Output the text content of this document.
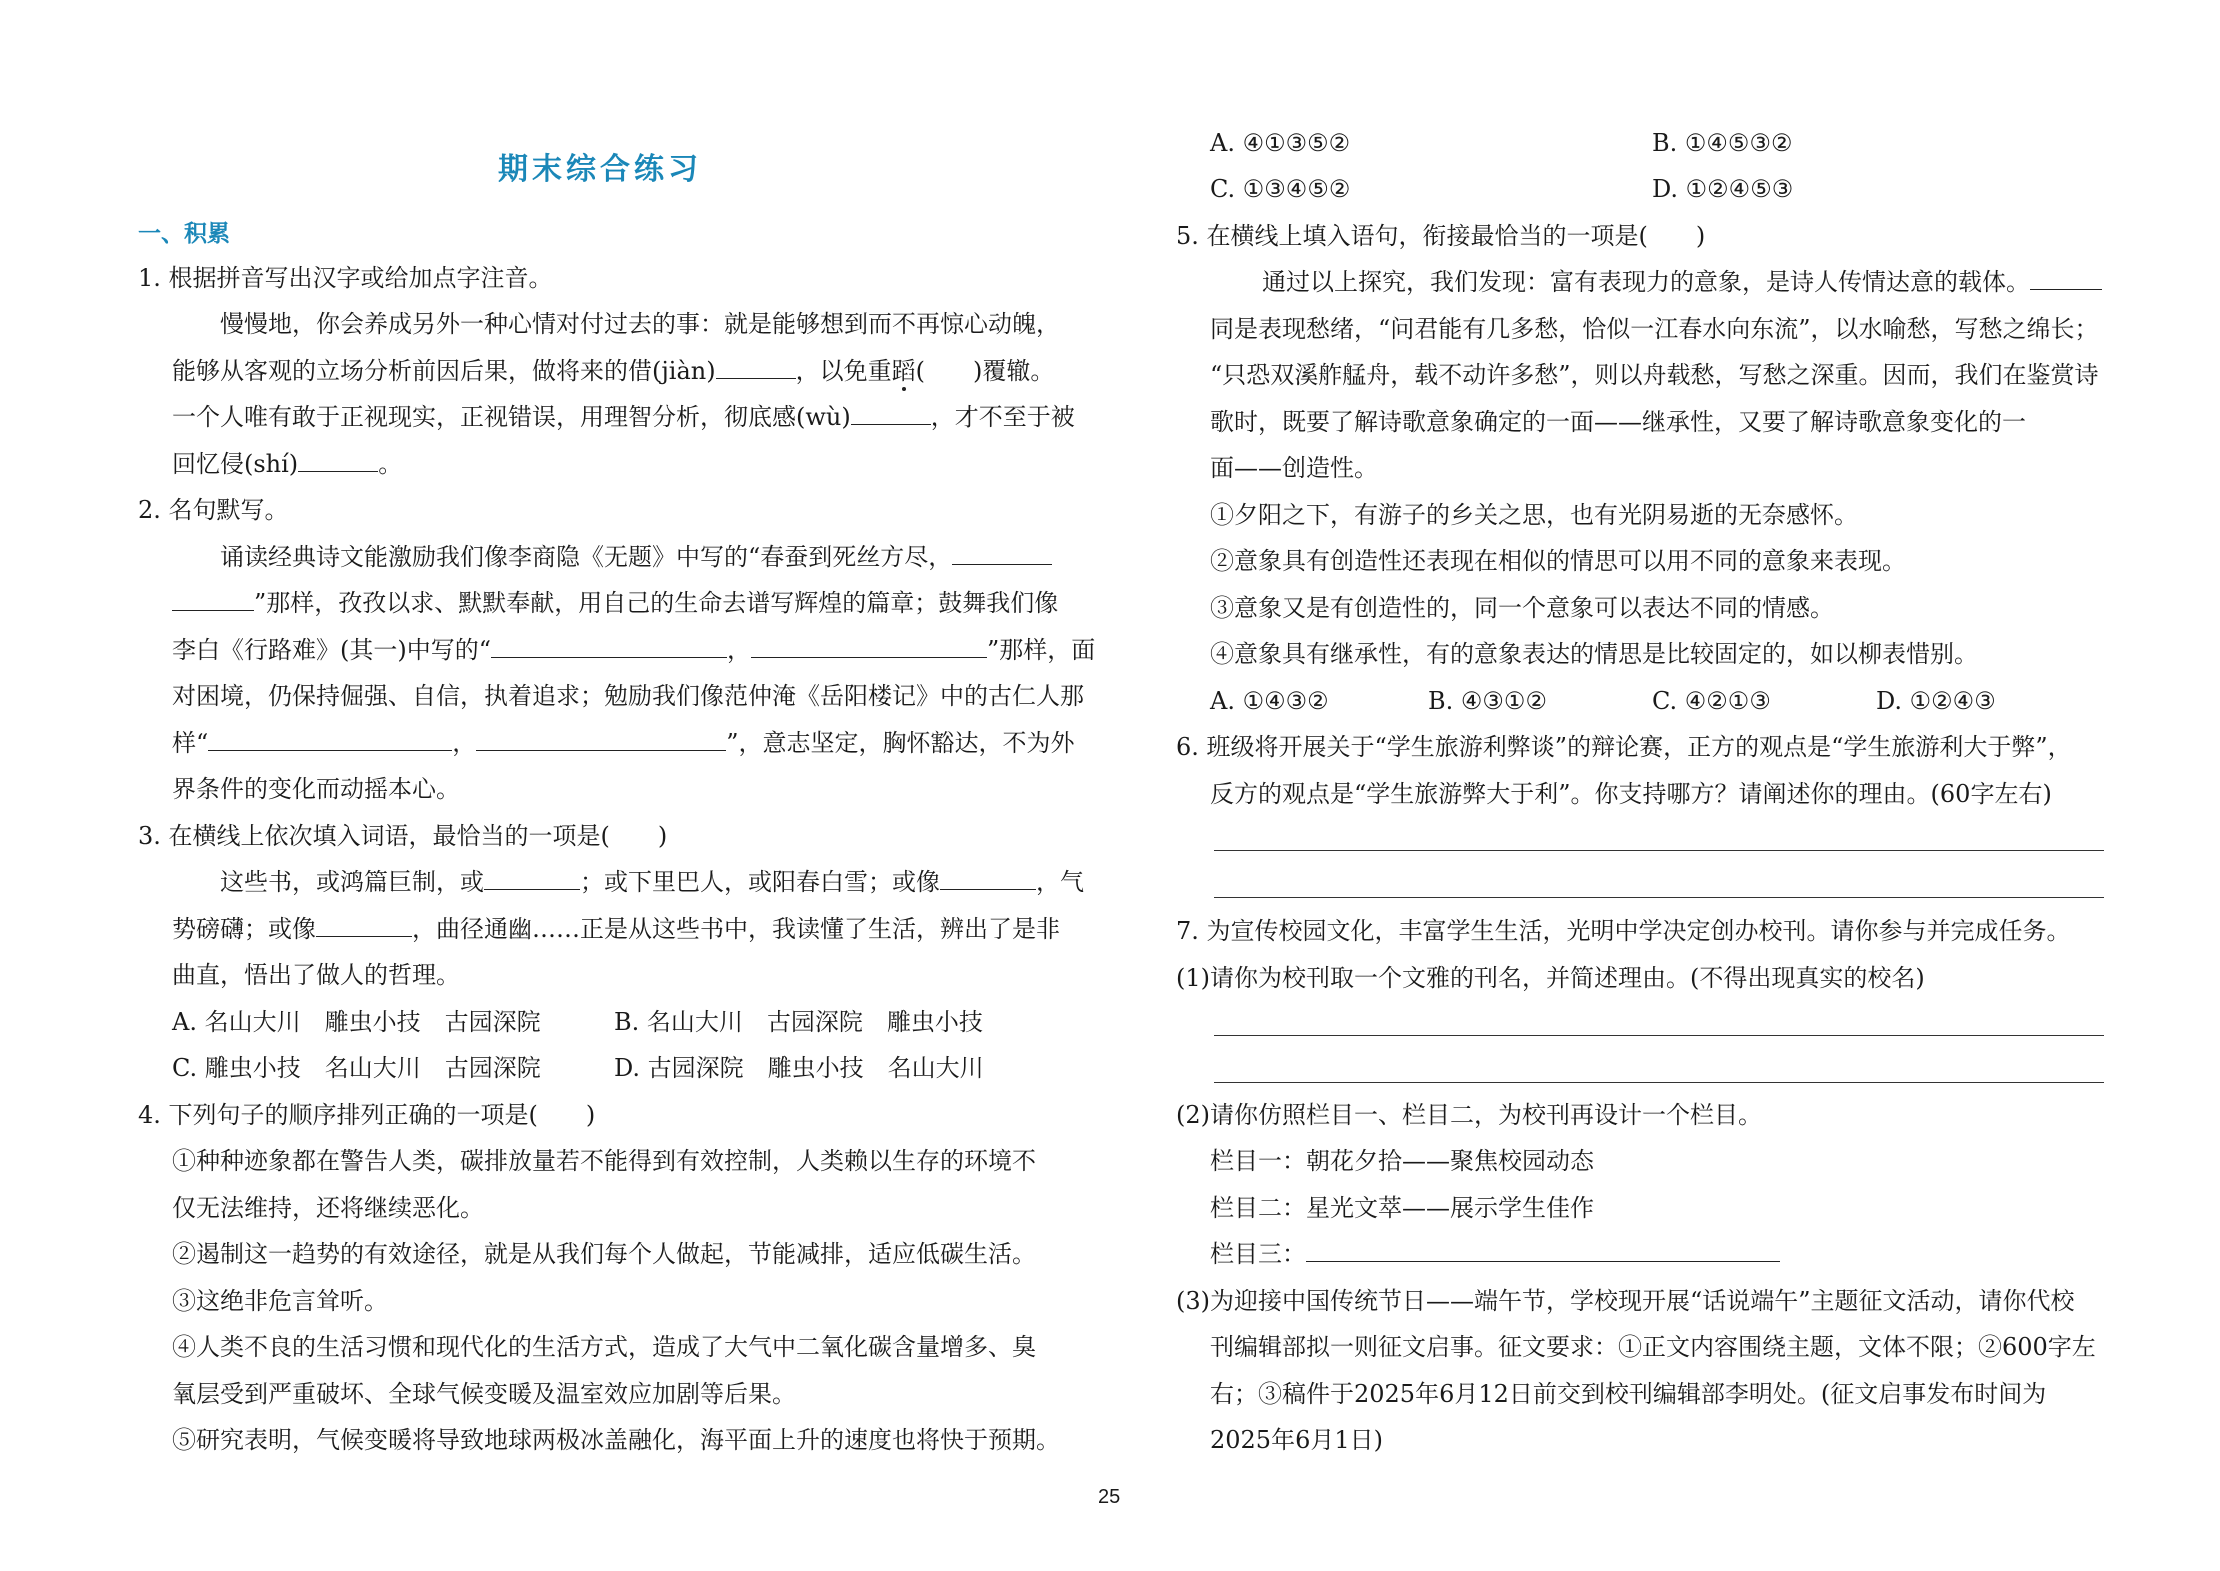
期末综合练习
一、积累
1. 根据拼音写出汉字或给加点字注音。
慢慢地，你会养成另外一种心情对付过去的事：就是能够想到而不再惊心动魄，
能够从客观的立场分析前因后果，做将来的借(jiàn)	，以免重蹈(　　)覆辙。
一个人唯有敢于正视现实，正视错误，用理智分析，彻底感(wù)	，才不至于被
回忆侵(shí)	。
2. 名句默写。
诵读经典诗文能激励我们像李商隐《无题》中写的“春蚕到死丝方尽，
”那样，孜孜以求、默默奉献，用自己的生命去谱写辉煌的篇章；鼓舞我们像
李白《行路难》(其一)中写的“	，	”那样，面
对困境，仍保持倔强、自信，执着追求；勉励我们像范仲淹《岳阳楼记》中的古仁人那
样“	，	”，意志坚定，胸怀豁达，不为外
界条件的变化而动摇本心。
3. 在横线上依次填入词语，最恰当的一项是(　　)
这些书，或鸿篇巨制，或	；或下里巴人，或阳春白雪；或像	，气
势磅礴；或像	，曲径通幽……正是从这些书中，我读懂了生活，辨出了是非
曲直，悟出了做人的哲理。
A. 名山大川　雕虫小技　古园深院	B. 名山大川　古园深院　雕虫小技
C. 雕虫小技　名山大川　古园深院	D. 古园深院　雕虫小技　名山大川
4. 下列句子的顺序排列正确的一项是(　　)
①种种迹象都在警告人类，碳排放量若不能得到有效控制，人类赖以生存的环境不
仅无法维持，还将继续恶化。
②遏制这一趋势的有效途径，就是从我们每个人做起，节能减排，适应低碳生活。
③这绝非危言耸听。
④人类不良的生活习惯和现代化的生活方式，造成了大气中二氧化碳含量增多、臭
氧层受到严重破坏、全球气候变暖及温室效应加剧等后果。
⑤研究表明，气候变暖将导致地球两极冰盖融化，海平面上升的速度也将快于预期。
A. ④①③⑤②	B. ①④⑤③②
C. ①③④⑤②	D. ①②④⑤③
5. 在横线上填入语句，衔接最恰当的一项是(　　)
通过以上探究，我们发现：富有表现力的意象，是诗人传情达意的载体。
同是表现愁绪，“问君能有几多愁，恰似一江春水向东流”，以水喻愁，写愁之绵长；
“只恐双溪舴艋舟，载不动许多愁”，则以舟载愁，写愁之深重。因而，我们在鉴赏诗
歌时，既要了解诗歌意象确定的一面——继承性，又要了解诗歌意象变化的一
面——创造性。
①夕阳之下，有游子的乡关之思，也有光阴易逝的无奈感怀。
②意象具有创造性还表现在相似的情思可以用不同的意象来表现。
③意象又是有创造性的，同一个意象可以表达不同的情感。
④意象具有继承性，有的意象表达的情思是比较固定的，如以柳表惜别。
A. ①④③②	B. ④③①②	C. ④②①③	D. ①②④③
6. 班级将开展关于“学生旅游利弊谈”的辩论赛，正方的观点是“学生旅游利大于弊”，
反方的观点是“学生旅游弊大于利”。你支持哪方？请阐述你的理由。(60字左右)
7. 为宣传校园文化，丰富学生生活，光明中学决定创办校刊。请你参与并完成任务。
(1)请你为校刊取一个文雅的刊名，并简述理由。(不得出现真实的校名)
(2)请你仿照栏目一、栏目二，为校刊再设计一个栏目。
栏目一：朝花夕拾——聚焦校园动态
栏目二：星光文萃——展示学生佳作
栏目三：
(3)为迎接中国传统节日——端午节，学校现开展“话说端午”主题征文活动，请你代校
刊编辑部拟一则征文启事。征文要求：①正文内容围绕主题，文体不限；②600字左
右；③稿件于2025年6月12日前交到校刊编辑部李明处。(征文启事发布时间为
2025年6月1日)
25
